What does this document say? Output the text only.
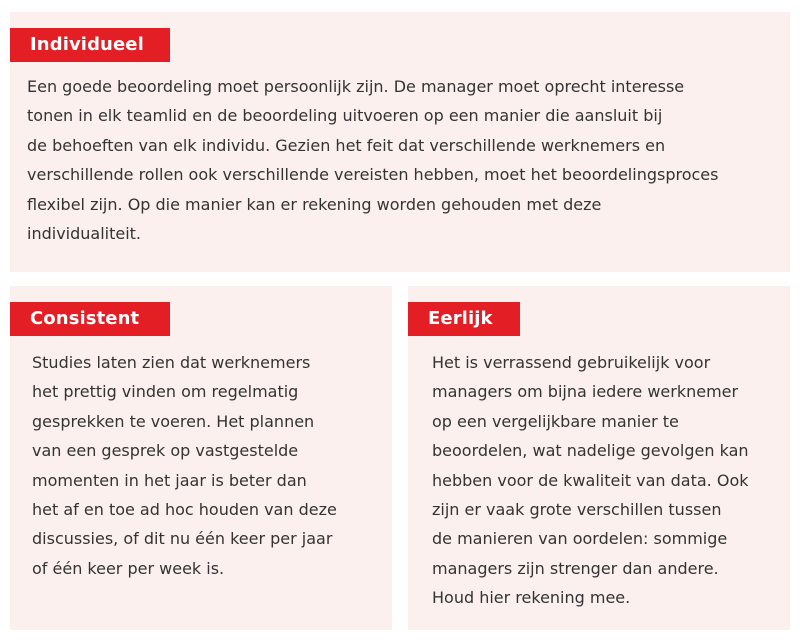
Individueel

Een goede beoordeling moet persoonlijk zijn. De manager moet oprecht interesse
tonen in elk teamlid en de beoordeling uitvoeren op een manier die aansluit bij
de behoeften van elk individu. Gezien het feit dat verschillende werknemers en
verschillende rollen ook verschillende vereisten hebben, moet het beoordelingsproces
flexibel zijn. Op die manier kan er rekening worden gehouden met deze
individualiteit.

Consistent

Studies laten zien dat werknemers
het prettig vinden om regelmatig
gesprekken te voeren. Het plannen
van een gesprek op vastgestelde
momenten in het jaar is beter dan
het af en toe ad hoc houden van deze
discussies, of dit nu één keer per jaar
of één keer per week is.

Eerlijk

Het is verrassend gebruikelijk voor
managers om bijna iedere werknemer
op een vergelijkbare manier te
beoordelen, wat nadelige gevolgen kan
hebben voor de kwaliteit van data. Ook
zijn er vaak grote verschillen tussen
de manieren van oordelen: sommige
managers zijn strenger dan andere.
Houd hier rekening mee.
